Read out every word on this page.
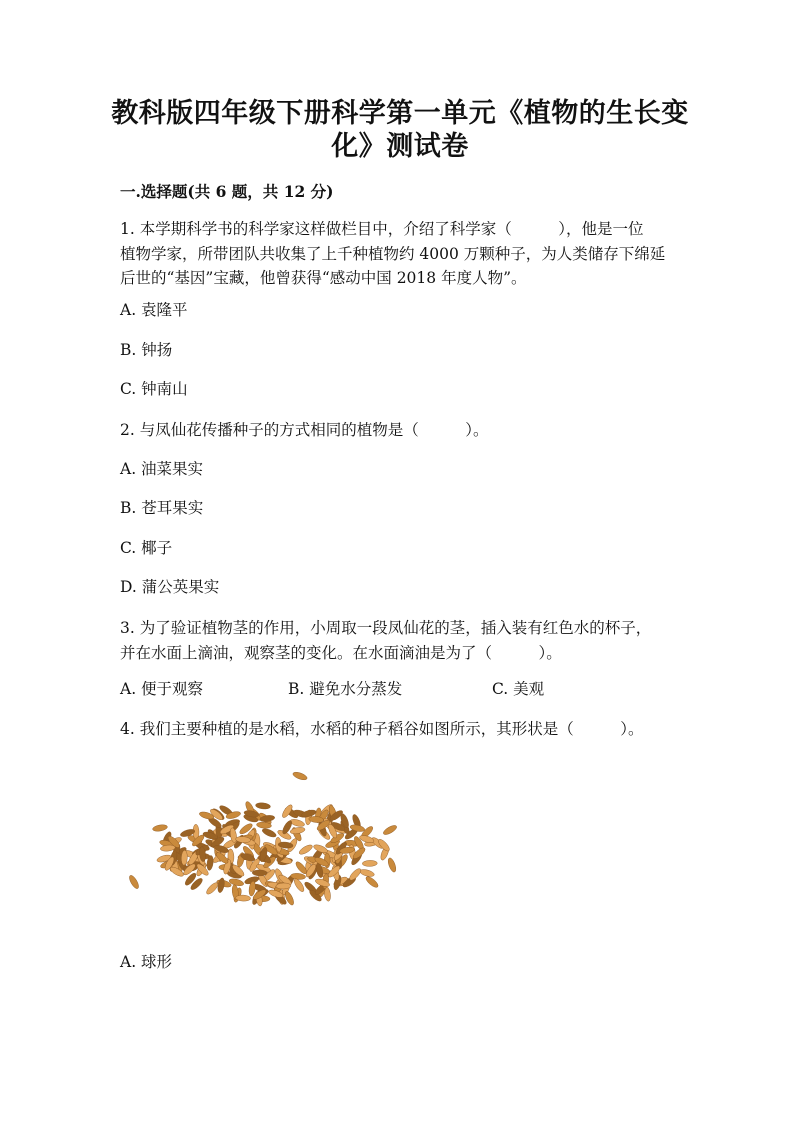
教科版四年级下册科学第一单元《植物的生长变
化》测试卷
一.选择题(共 6 题，共 12 分)
1. 本学期科学书的科学家这样做栏目中，介绍了科学家（　　　），他是一位
植物学家，所带团队共收集了上千种植物约 4000 万颗种子，为人类储存下绵延
后世的“基因”宝藏，他曾获得“感动中国 2018 年度人物”。
A. 袁隆平
B. 钟扬
C. 钟南山
2. 与凤仙花传播种子的方式相同的植物是（　　　）。
A. 油菜果实
B. 苍耳果实
C. 椰子
D. 蒲公英果实
3. 为了验证植物茎的作用，小周取一段凤仙花的茎，插入装有红色水的杯子，
并在水面上滴油，观察茎的变化。在水面滴油是为了（　　　）。
A. 便于观察	B. 避免水分蒸发	C. 美观
4. 我们主要种植的是水稻，水稻的种子稻谷如图所示，其形状是（　　　）。
A. 球形
